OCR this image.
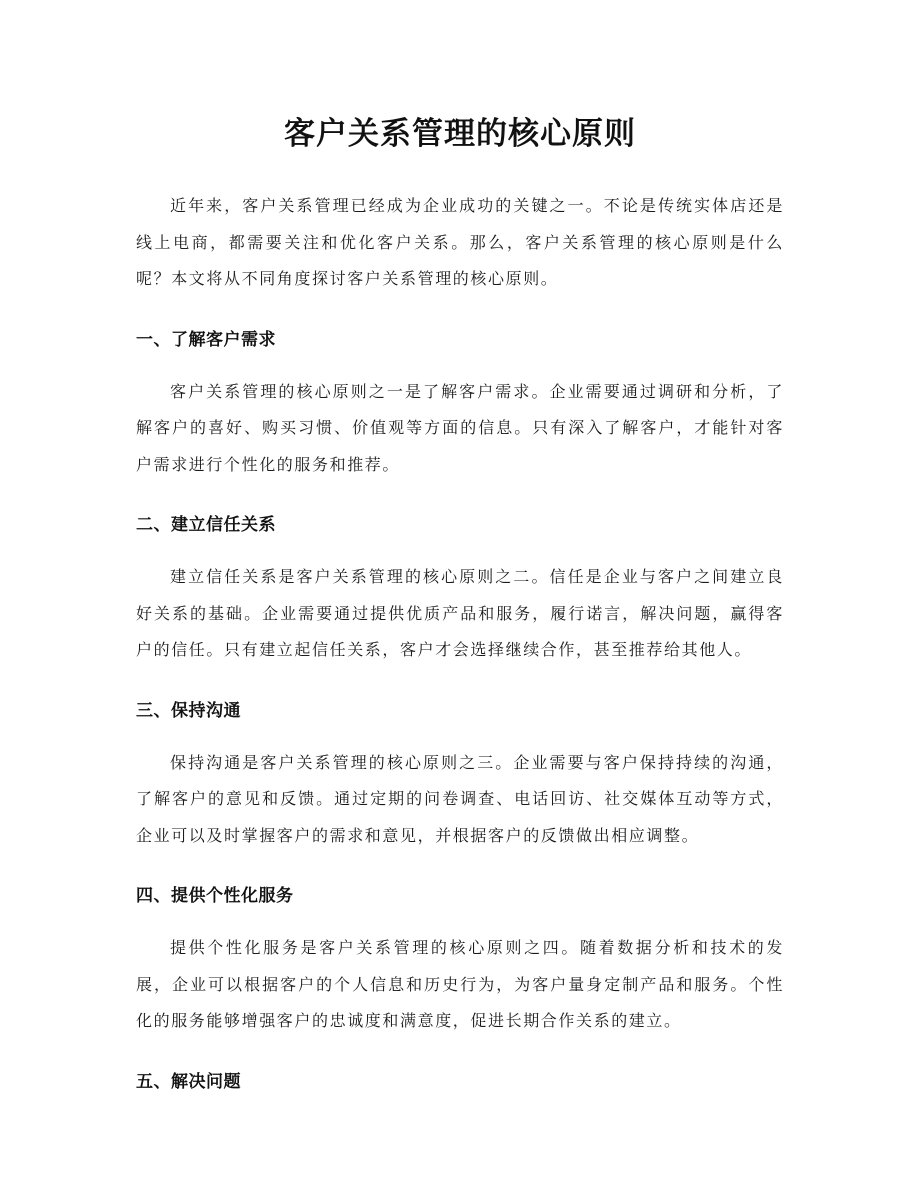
客户关系管理的核心原则

近年来，客户关系管理已经成为企业成功的关键之一。不论是传统实体店还是线上电商，都需要关注和优化客户关系。那么，客户关系管理的核心原则是什么呢？本文将从不同角度探讨客户关系管理的核心原则。

一、了解客户需求

客户关系管理的核心原则之一是了解客户需求。企业需要通过调研和分析，了解客户的喜好、购买习惯、价值观等方面的信息。只有深入了解客户，才能针对客户需求进行个性化的服务和推荐。

二、建立信任关系

建立信任关系是客户关系管理的核心原则之二。信任是企业与客户之间建立良好关系的基础。企业需要通过提供优质产品和服务，履行诺言，解决问题，赢得客户的信任。只有建立起信任关系，客户才会选择继续合作，甚至推荐给其他人。

三、保持沟通

保持沟通是客户关系管理的核心原则之三。企业需要与客户保持持续的沟通，了解客户的意见和反馈。通过定期的问卷调查、电话回访、社交媒体互动等方式，企业可以及时掌握客户的需求和意见，并根据客户的反馈做出相应调整。

四、提供个性化服务

提供个性化服务是客户关系管理的核心原则之四。随着数据分析和技术的发展，企业可以根据客户的个人信息和历史行为，为客户量身定制产品和服务。个性化的服务能够增强客户的忠诚度和满意度，促进长期合作关系的建立。

五、解决问题
